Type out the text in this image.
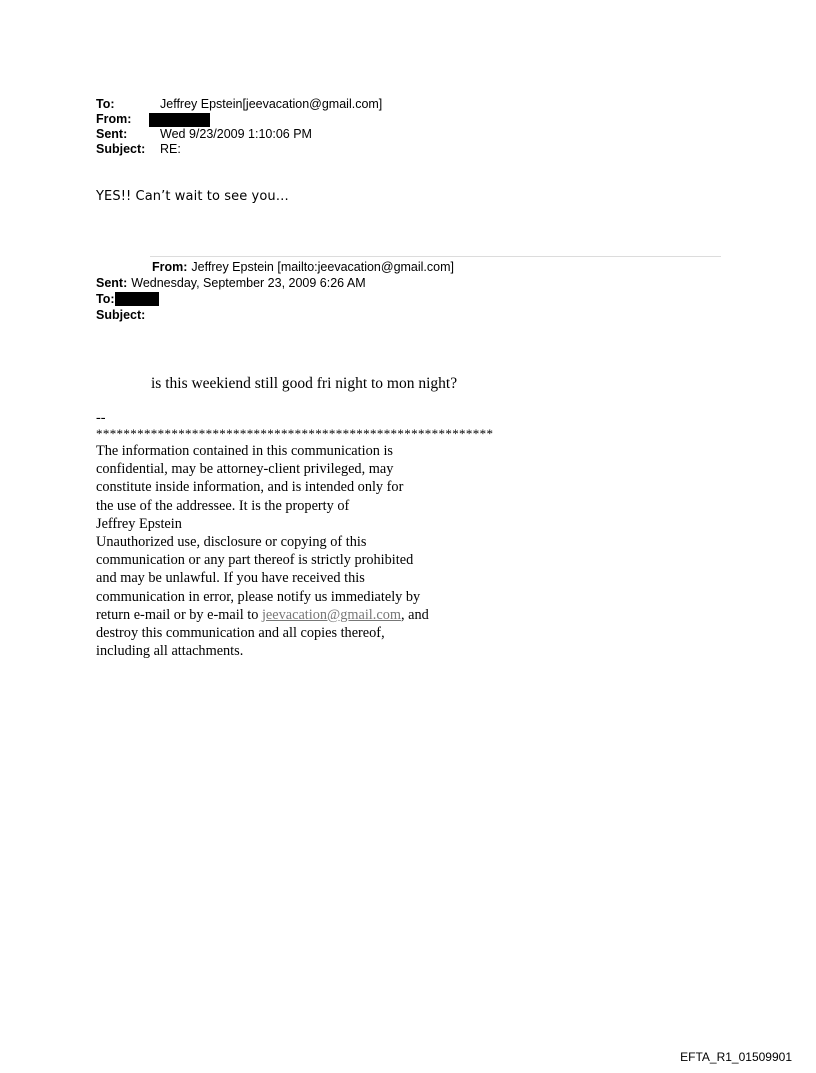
To:	Jeffrey Epstein[jeevacation@gmail.com]
From:
Sent:	Wed 9/23/2009 1:10:06 PM
Subject:	RE:
YES!! Can’t wait to see you…
From: Jeffrey Epstein [mailto:jeevacation@gmail.com]
Sent: Wednesday, September 23, 2009 6:26 AM
To:
Subject:
is this weekiend still good fri night to mon night?
--
**********************************************************
The information contained in this communication is
confidential, may be attorney-client privileged, may
constitute inside information, and is intended only for
the use of the addressee. It is the property of
Jeffrey Epstein
Unauthorized use, disclosure or copying of this
communication or any part thereof is strictly prohibited
and may be unlawful. If you have received this
communication in error, please notify us immediately by
return e-mail or by e-mail to jeevacation@gmail.com, and
destroy this communication and all copies thereof,
including all attachments.
EFTA_R1_01509901
